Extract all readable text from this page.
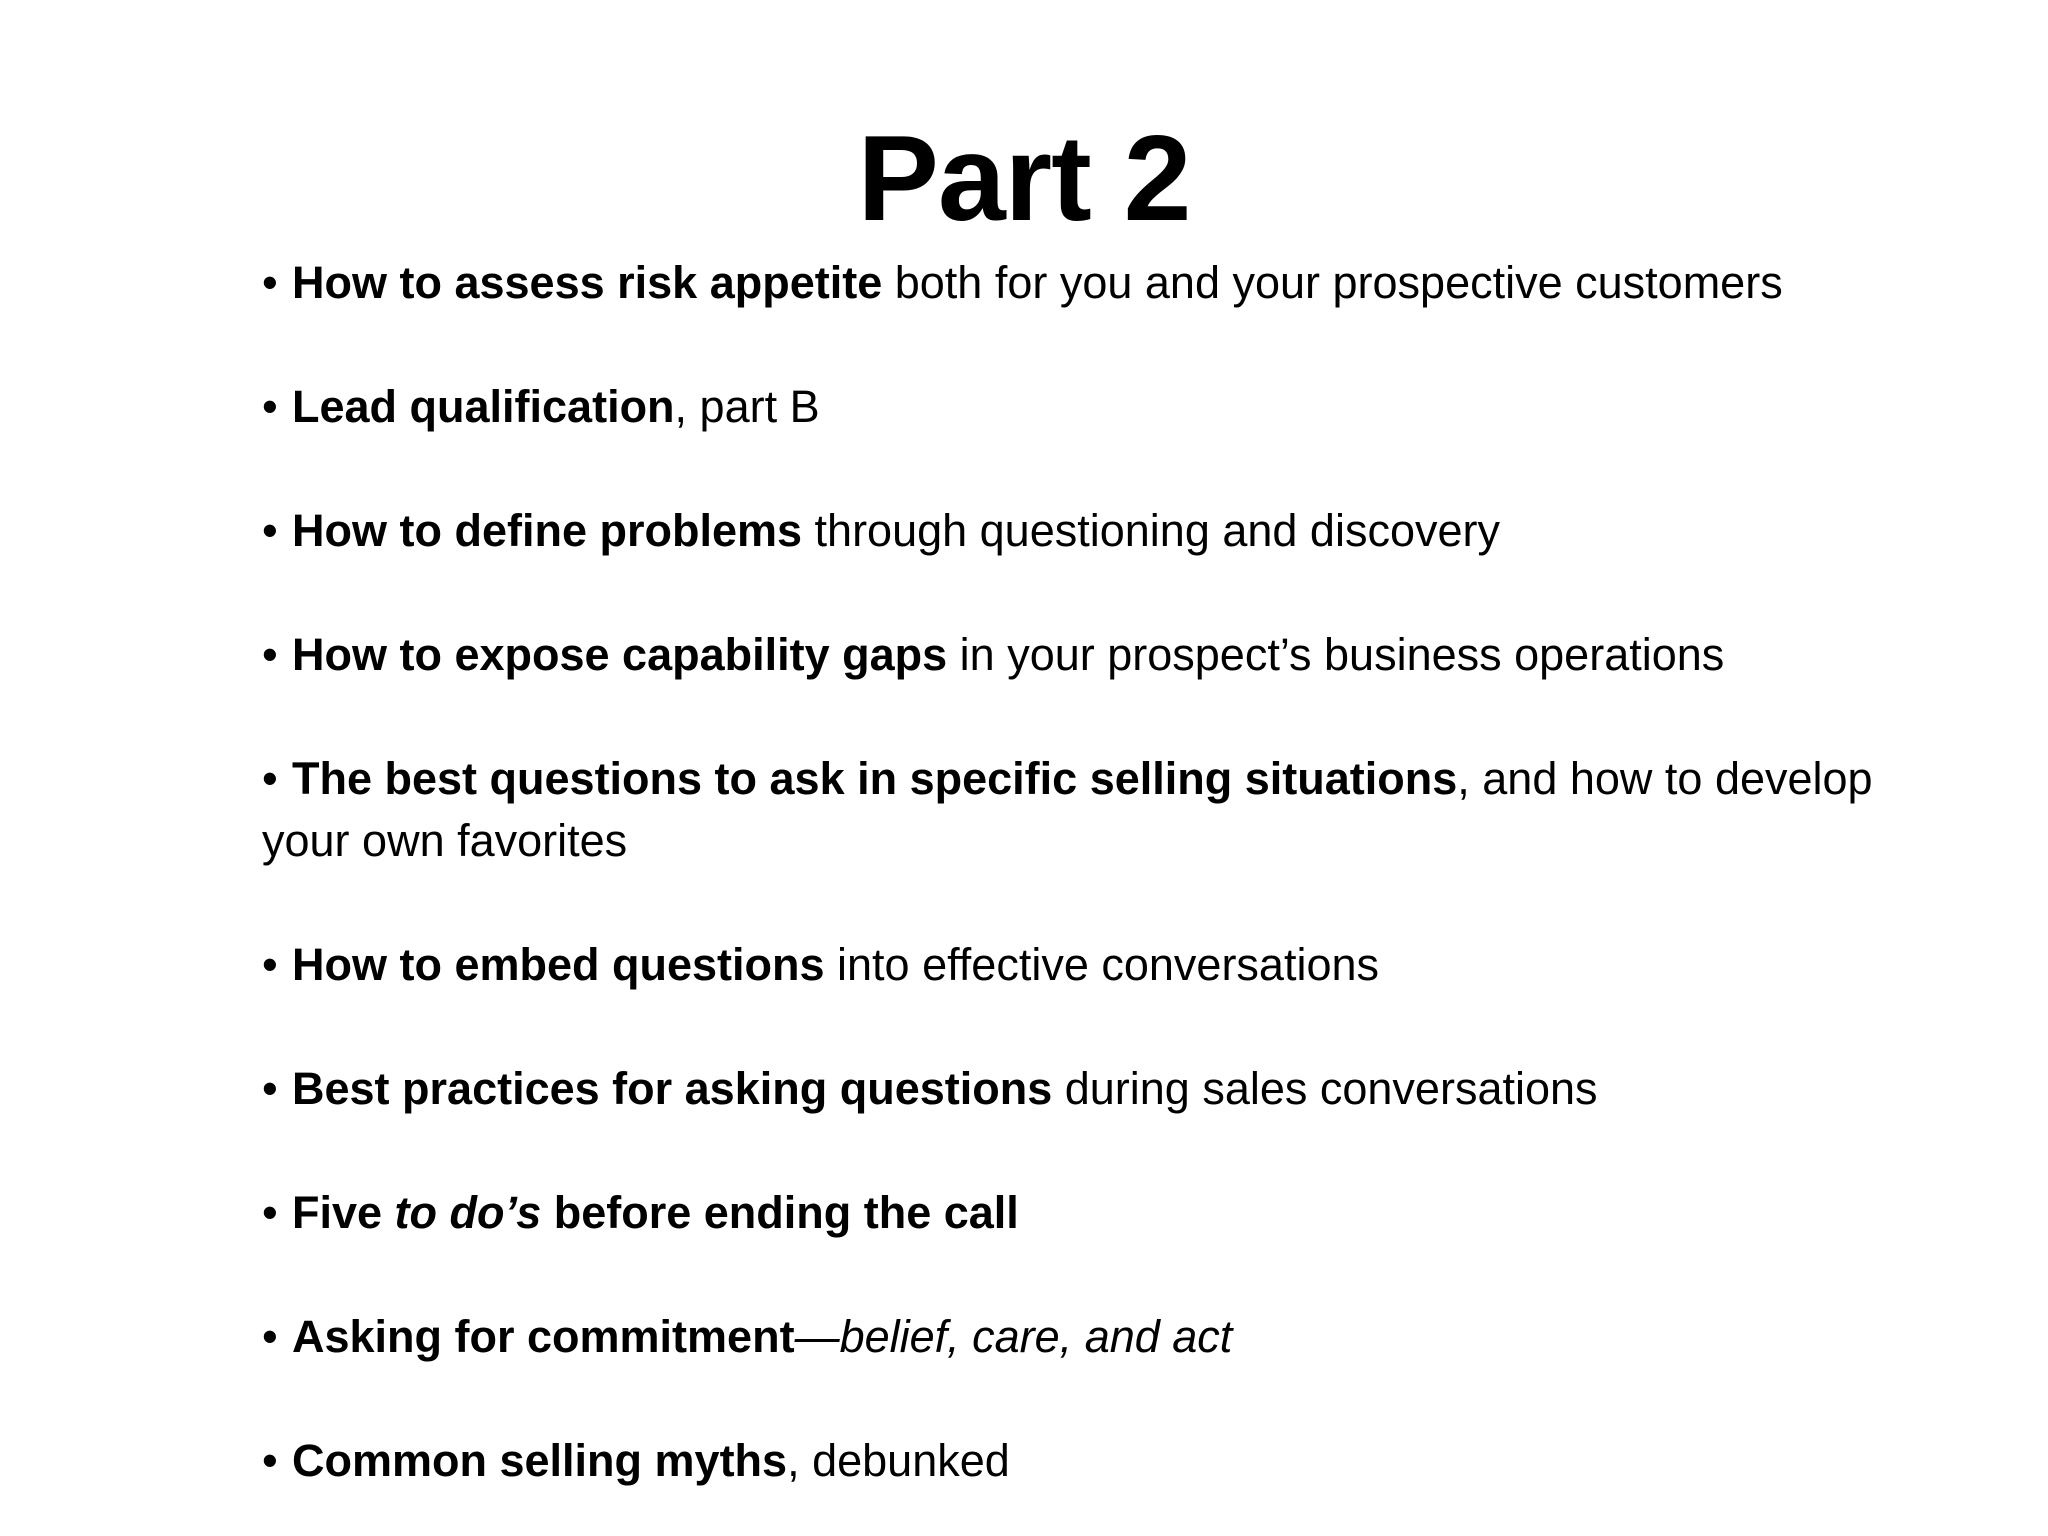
Part 2
• How to assess risk appetite both for you and your prospective customers
• Lead qualification, part B
• How to define problems through questioning and discovery
• How to expose capability gaps in your prospect’s business operations
• The best questions to ask in specific selling situations, and how to develop your own favorites
• How to embed questions into effective conversations
• Best practices for asking questions during sales conversations
• Five to do’s before ending the call
• Asking for commitment—belief, care, and act
• Common selling myths, debunked
